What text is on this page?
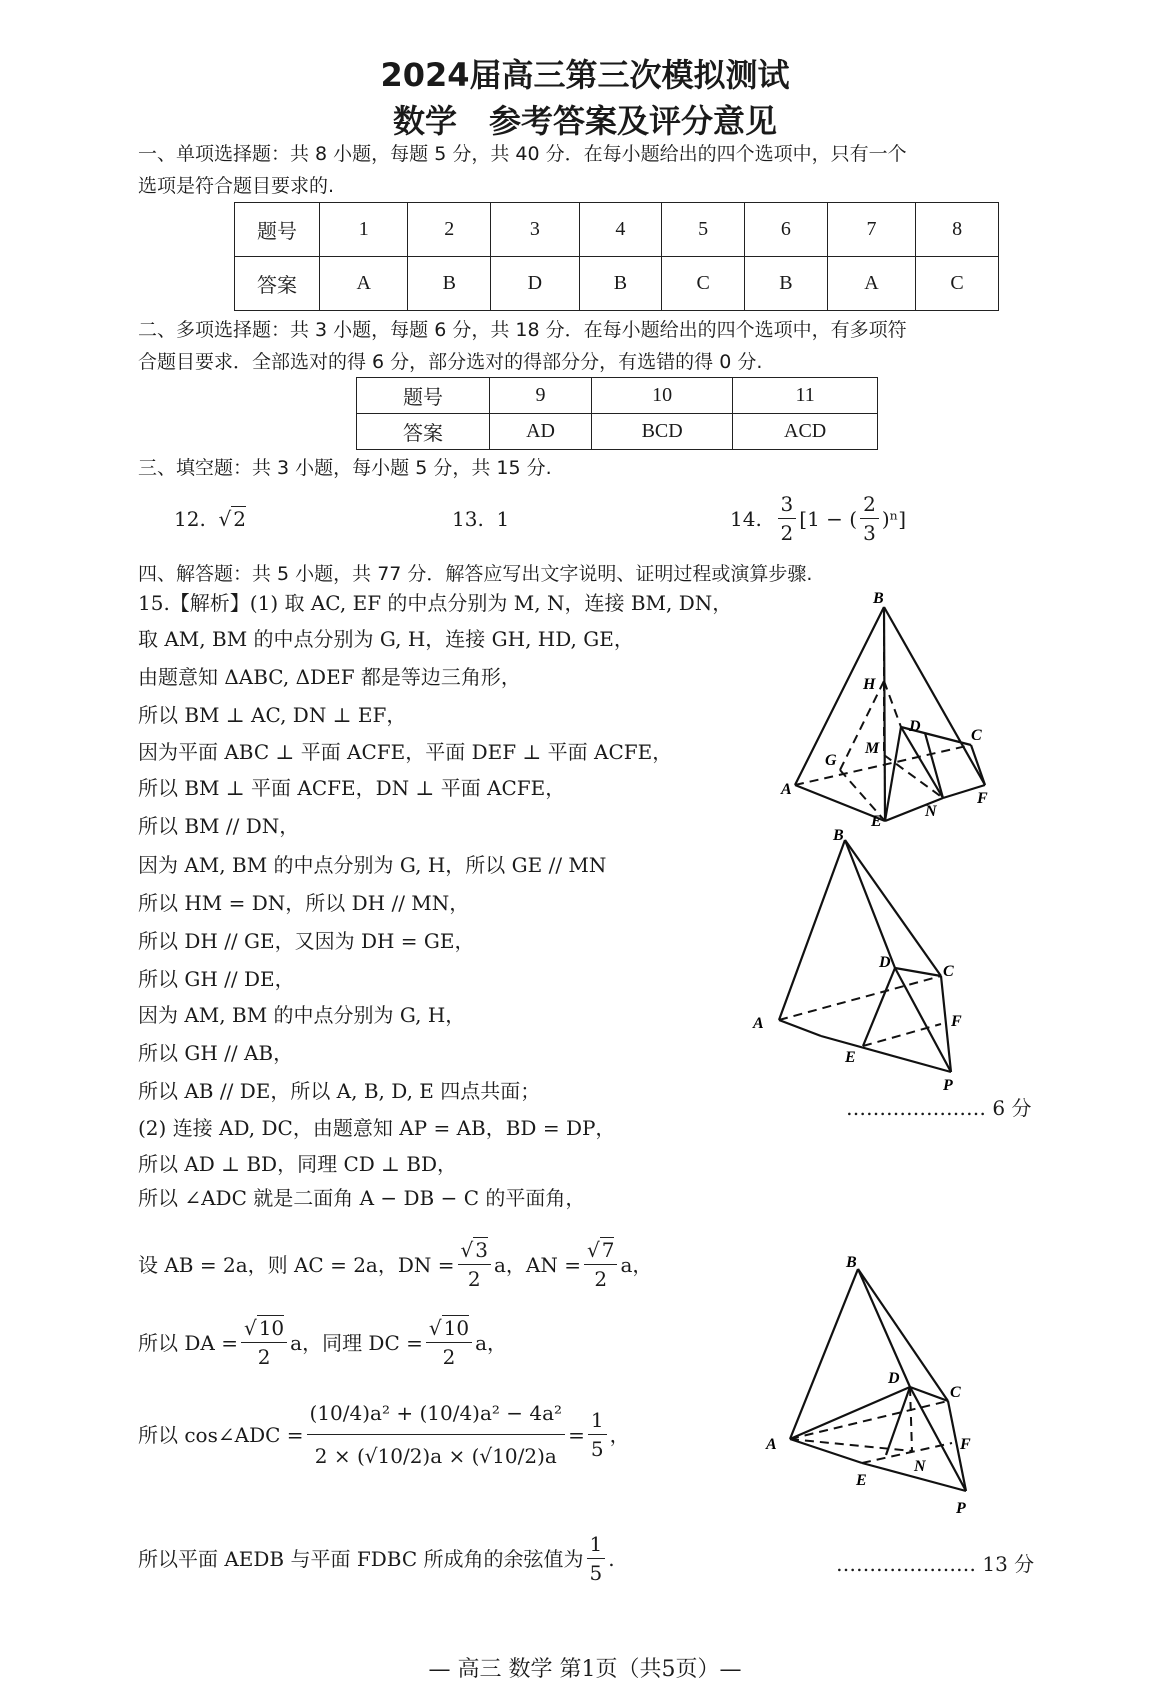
2024届高三第三次模拟测试
数学　参考答案及评分意见
一、单项选择题：共 8 小题，每题 5 分，共 40 分．在每小题给出的四个选项中，只有一个
选项是符合题目要求的.
题号	1	2	3	4	5	6	7	8
答案	A	B	D	B	C	B	A	C
二、多项选择题：共 3 小题，每题 6 分，共 18 分．在每小题给出的四个选项中，有多项符
合题目要求．全部选对的得 6 分，部分选对的得部分分，有选错的得 0 分.
题号	9	10	11
答案	AD	BCD	ACD
三、填空题：共 3 小题，每小题 5 分，共 15 分.
12.  √ 2	13. 1	14.
$\frac{3}{2} [1$ − ( $\frac{2}{3} )^n$]
四、解答题：共 5 小题，共 77 分．解答应写出文字说明、证明过程或演算步骤.
15.【解析】(1) 取 AC, EF 的中点分别为 M, N，连接 BM, DN，
取 AM, BM 的中点分别为 G, H，连接 GH, HD, GE，
由题意知 ΔABC, ΔDEF 都是等边三角形，
所以 BM ⊥ AC, DN ⊥ EF，
因为平面 ABC ⊥ 平面 ACFE，平面 DEF ⊥ 平面 ACFE，
所以 BM ⊥ 平面 ACFE，DN ⊥ 平面 ACFE，
所以 BM // DN，
因为 AM, BM 的中点分别为 G, H，所以 GE // MN
所以 HM = DN，所以 DH // MN，
所以 DH // GE，又因为 DH = GE，
所以 GH // DE，
因为 AM, BM 的中点分别为 G, H，
所以 GH // AB，
所以 AB // DE，所以 A, B, D, E 四点共面；
(2) 连接 AD, DC，由题意知 AP = AB，BD = DP，
所以 AD ⊥ BD，同理 CD ⊥ BD，
所以 ∠ADC 就是二面角 A − DB − C 的平面角，
设 AB = 2a，则 AC = 2a，DN = $\frac{√ 3}{2}$ a，AN = $\frac{√ 7}{2}$ a，
所以 DA = $\frac{√ 10}{2}$ a，同理 DC = $\frac{√ 10}{2}$ a，
所以 cos∠ADC = $\frac{\text{(10/4)a² + (10/4)a² − 4a²}}{2 \times (√10/2)a \times (√10/2)a} = \frac{1}{5}$ ，
所以平面 AEDB 与平面 FDBC 所成角的余弦值为 $\frac{1}{5}$ .
………………… 6 分
………………… 13 分
B
H
D
C
M
G
A
E
N
F
B
D
C
A	F
E
P
B
D
C
A	F
N
E
P
— 高三 数学 第1页（共5页）—
